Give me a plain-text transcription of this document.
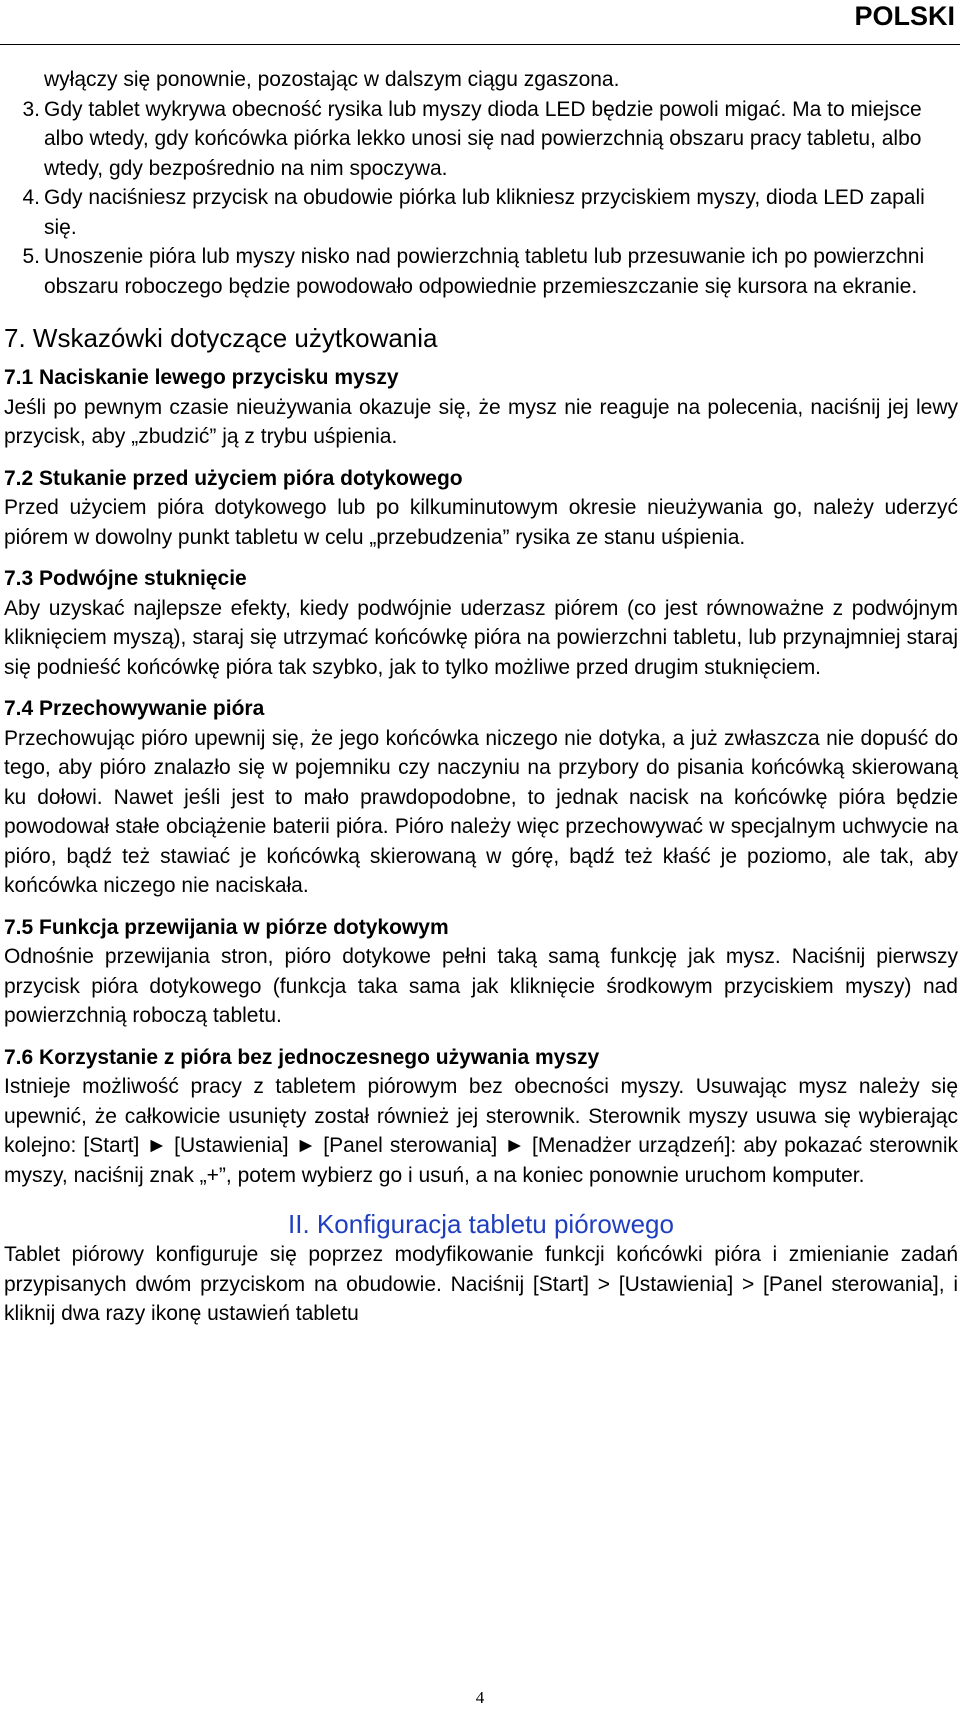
POLSKI
wyłączy się ponownie, pozostając w dalszym ciągu zgaszona.
3. Gdy tablet wykrywa obecność rysika lub myszy dioda LED będzie powoli migać. Ma to miejsce albo wtedy, gdy końcówka piórka lekko unosi się nad powierzchnią obszaru pracy tabletu, albo wtedy, gdy bezpośrednio na nim spoczywa.
4. Gdy naciśniesz przycisk na obudowie piórka lub klikniesz przyciskiem myszy, dioda LED zapali się.
5. Unoszenie pióra lub myszy nisko nad powierzchnią tabletu lub przesuwanie ich po powierzchni obszaru roboczego będzie powodowało odpowiednie przemieszczanie się kursora na ekranie.
7. Wskazówki dotyczące użytkowania
7.1 Naciskanie lewego przycisku myszy
Jeśli po pewnym czasie nieużywania okazuje się, że mysz nie reaguje na polecenia, naciśnij jej lewy przycisk, aby „zbudzić” ją z trybu uśpienia.
7.2 Stukanie przed użyciem pióra dotykowego
Przed użyciem pióra dotykowego lub po kilkuminutowym okresie nieużywania go, należy uderzyć piórem w dowolny punkt tabletu w celu „przebudzenia” rysika ze stanu uśpienia.
7.3 Podwójne stuknięcie
Aby uzyskać najlepsze efekty, kiedy podwójnie uderzasz piórem (co jest równoważne z podwójnym kliknięciem myszą), staraj się utrzymać końcówkę pióra na powierzchni tabletu, lub przynajmniej staraj się podnieść końcówkę pióra tak szybko, jak to tylko możliwe przed drugim stuknięciem.
7.4 Przechowywanie pióra
Przechowując pióro upewnij się, że jego końcówka niczego nie dotyka, a już zwłaszcza nie dopuść do tego, aby pióro znalazło się w pojemniku czy naczyniu na przybory do pisania końcówką skierowaną ku dołowi. Nawet jeśli jest to mało prawdopodobne, to jednak nacisk na końcówkę pióra będzie powodował stałe obciążenie baterii pióra. Pióro należy więc przechowywać w specjalnym uchwycie na pióro, bądź też stawiać je końcówką skierowaną w górę, bądź też kłaść je poziomo, ale tak, aby końcówka niczego nie naciskała.
7.5 Funkcja przewijania w piórze dotykowym
Odnośnie przewijania stron, pióro dotykowe pełni taką samą funkcję jak mysz. Naciśnij pierwszy przycisk pióra dotykowego (funkcja taka sama jak kliknięcie środkowym przyciskiem myszy) nad powierzchnią roboczą tabletu.
7.6 Korzystanie z pióra bez jednoczesnego używania myszy
Istnieje możliwość pracy z tabletem piórowym bez obecności myszy. Usuwając mysz należy się upewnić, że całkowicie usunięty został również jej sterownik. Sterownik myszy usuwa się wybierając kolejno: [Start] ► [Ustawienia] ► [Panel sterowania] ► [Menadżer urządzeń]: aby pokazać sterownik myszy, naciśnij znak „+”, potem wybierz go i usuń, a na koniec ponownie uruchom komputer.
II. Konfiguracja tabletu piórowego
Tablet piórowy konfiguruje się poprzez modyfikowanie funkcji końcówki pióra i zmienianie zadań przypisanych dwóm przyciskom na obudowie. Naciśnij [Start] > [Ustawienia] > [Panel sterowania], i kliknij dwa razy ikonę ustawień tabletu
4
